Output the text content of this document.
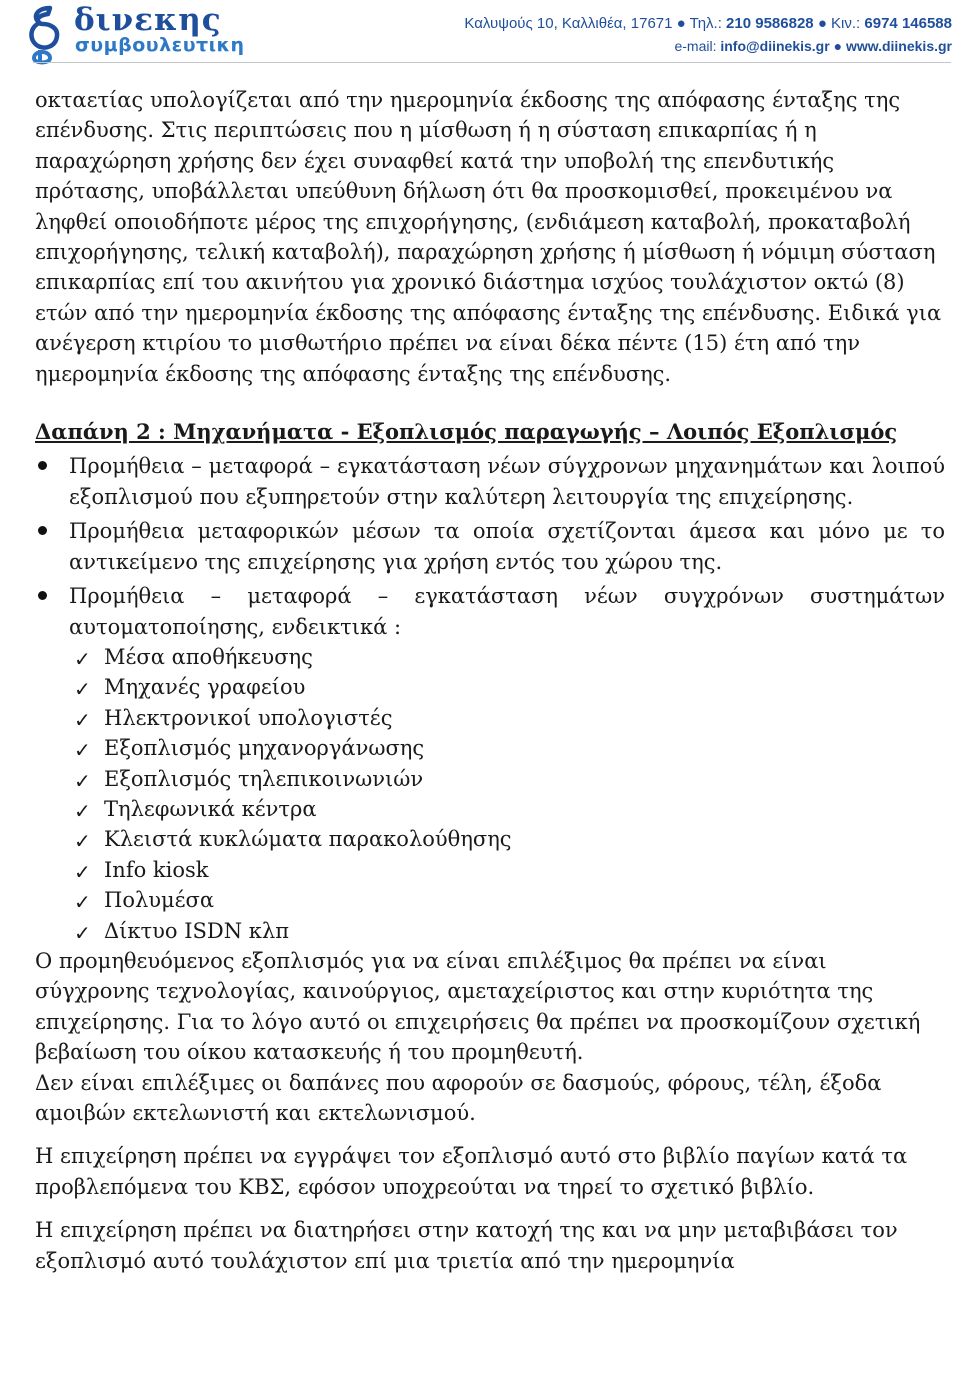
δινεκης
συμβουλευτικη
Καλυψούς 10, Καλλιθέα, 17671 ● Τηλ.: 210 9586828 ● Κιν.: 6974 146588
e-mail: info@diinekis.gr ● www.diinekis.gr

οκταετίας υπολογίζεται από την ημερομηνία έκδοσης της απόφασης ένταξης της επένδυσης. Στις περιπτώσεις που η μίσθωση ή η σύσταση επικαρπίας ή η παραχώρηση χρήσης δεν έχει συναφθεί κατά την υποβολή της επενδυτικής πρότασης, υποβάλλεται υπεύθυνη δήλωση ότι θα προσκομισθεί, προκειμένου να ληφθεί οποιοδήποτε μέρος της επιχορήγησης, (ενδιάμεση καταβολή, προκαταβολή επιχορήγησης, τελική καταβολή), παραχώρηση χρήσης ή μίσθωση ή νόμιμη σύσταση επικαρπίας επί του ακινήτου για χρονικό διάστημα ισχύος τουλάχιστον οκτώ (8) ετών από την ημερομηνία έκδοσης της απόφασης ένταξης της επένδυσης. Ειδικά για ανέγερση κτιρίου το μισθωτήριο πρέπει να είναι δέκα πέντε (15) έτη από την ημερομηνία έκδοσης της απόφασης ένταξης της επένδυσης.

Δαπάνη 2 : Μηχανήματα - Εξοπλισμός παραγωγής – Λοιπός Εξοπλισμός
Προμήθεια – μεταφορά – εγκατάσταση νέων σύγχρονων μηχανημάτων και λοιπού εξοπλισμού που εξυπηρετούν στην καλύτερη λειτουργία της επιχείρησης.
Προμήθεια μεταφορικών μέσων τα οποία σχετίζονται άμεσα και μόνο με το αντικείμενο της επιχείρησης για χρήση εντός του χώρου της.
Προμήθεια – μεταφορά – εγκατάσταση νέων συγχρόνων συστημάτων αυτοματοποίησης, ενδεικτικά :
✓ Μέσα αποθήκευσης
✓ Μηχανές γραφείου
✓ Ηλεκτρονικοί υπολογιστές
✓ Εξοπλισμός μηχανοργάνωσης
✓ Εξοπλισμός τηλεπικοινωνιών
✓ Τηλεφωνικά κέντρα
✓ Κλειστά κυκλώματα παρακολούθησης
✓ Info kiosk
✓ Πολυμέσα
✓ Δίκτυο ISDN κλπ

Ο προμηθευόμενος εξοπλισμός για να είναι επιλέξιμος θα πρέπει να είναι σύγχρονης τεχνολογίας, καινούργιος, αμεταχείριστος και στην κυριότητα της επιχείρησης. Για το λόγο αυτό οι επιχειρήσεις θα πρέπει να προσκομίζουν σχετική βεβαίωση του οίκου κατασκευής ή του προμηθευτή.

Δεν είναι επιλέξιμες οι δαπάνες που αφορούν σε δασμούς, φόρους, τέλη, έξοδα αμοιβών εκτελωνιστή και εκτελωνισμού.

Η επιχείρηση πρέπει να εγγράψει τον εξοπλισμό αυτό στο βιβλίο παγίων κατά τα προβλεπόμενα του ΚΒΣ, εφόσον υποχρεούται να τηρεί το σχετικό βιβλίο.

Η επιχείρηση πρέπει να διατηρήσει στην κατοχή της και να μην μεταβιβάσει τον εξοπλισμό αυτό τουλάχιστον επί μια τριετία από την ημερομηνία
